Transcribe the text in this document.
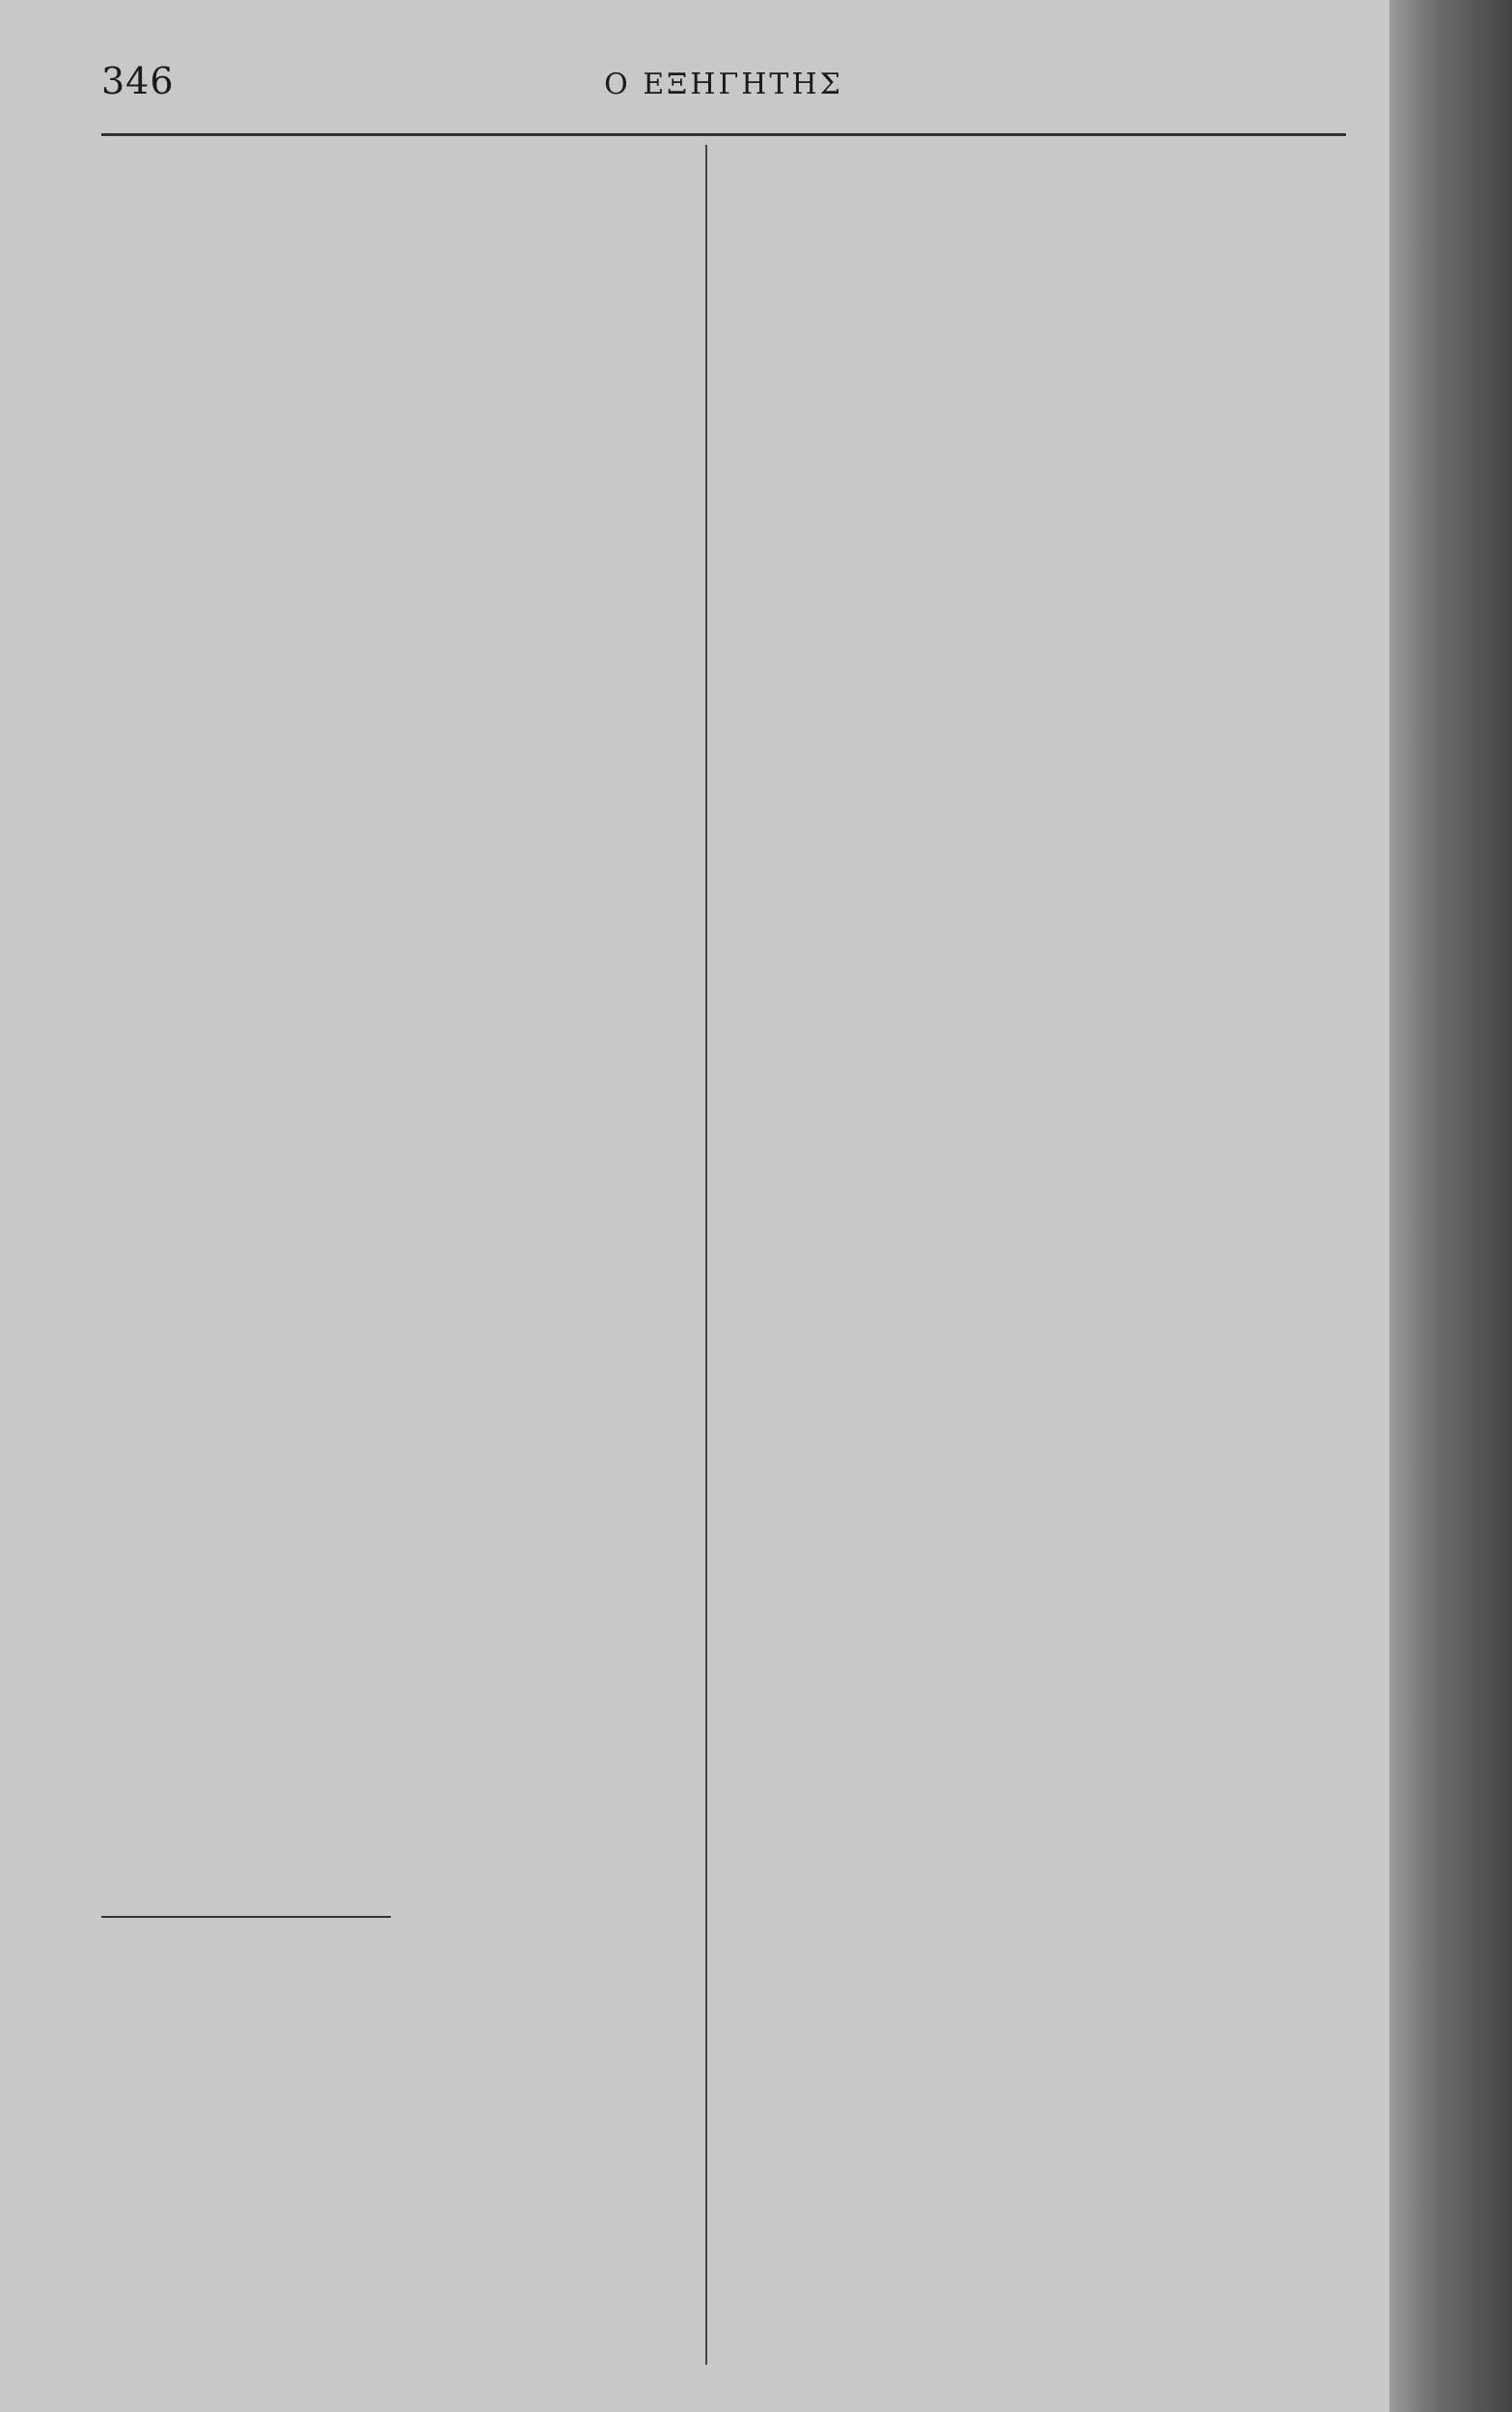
346	Ο ΕΞΗΓΗΤΗΣ
